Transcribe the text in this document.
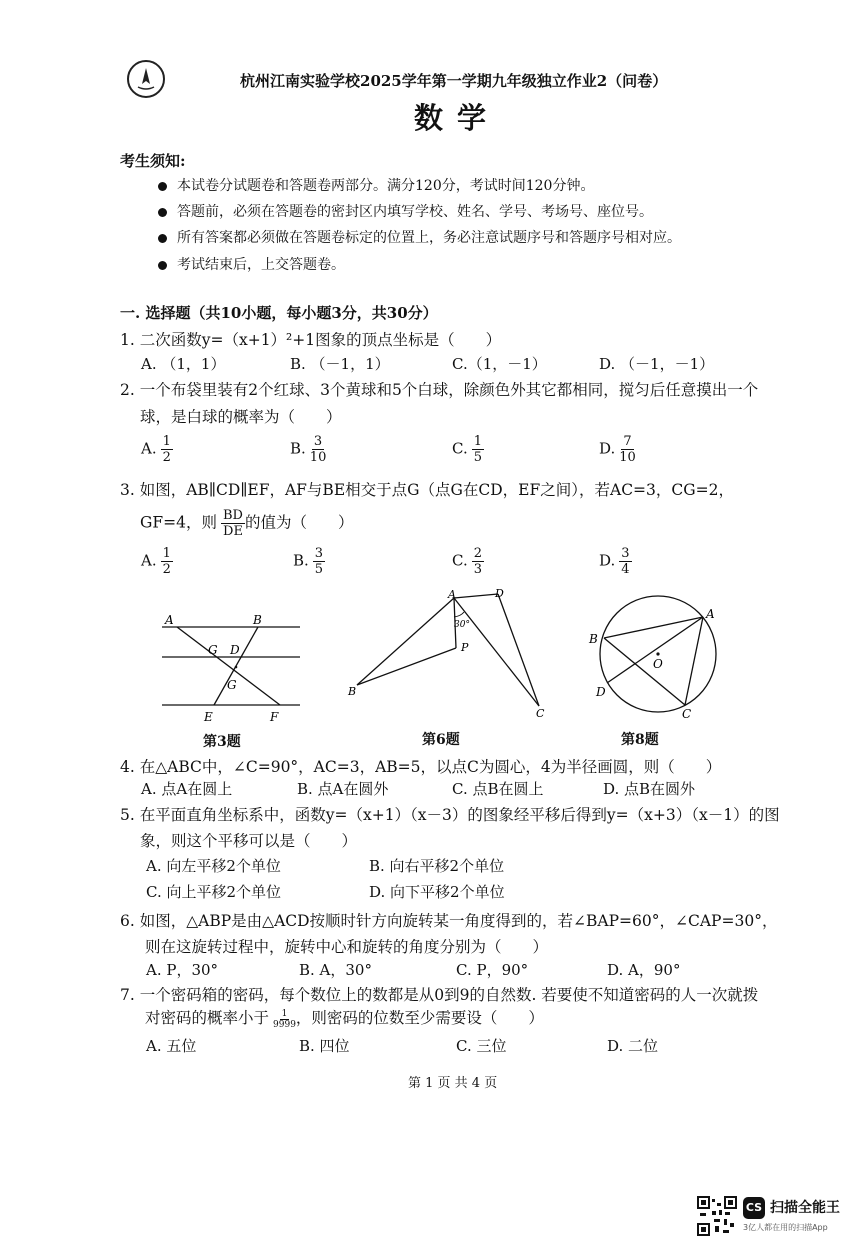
杭州江南实验学校2025学年第一学期九年级独立作业2（问卷）
数学
考生须知:
本试卷分试题卷和答题卷两部分。满分120分，考试时间120分钟。
答题前，必须在答题卷的密封区内填写学校、姓名、学号、考场号、座位号。
所有答案都必须做在答题卷标定的位置上，务必注意试题序号和答题序号相对应。
考试结束后，上交答题卷。
一. 选择题（共10小题，每小题3分，共30分）
1. 二次函数y=（x+1）²+1图象的顶点坐标是（　　）
A. （1，1）	B. （－1，1）	C.（1，－1）	D. （－1，－1）
2. 一个布袋里装有2个红球、3个黄球和5个白球，除颜色外其它都相同，搅匀后任意摸出一个
球，是白球的概率为（　　）
A. $\frac{1}{2}$	B. $\frac{3}{10}$	C. $\frac{1}{5}$	D. $\frac{7}{10}$
3. 如图，AB∥CD∥EF，AF与BE相交于点G（点G在CD，EF之间），若AC=3，CG=2，
GF=4，则 $\frac{BD}{DE}$ 的值为（　　）
A. $\frac{1}{2}$	B. $\frac{3}{5}$	C. $\frac{2}{3}$	D. $\frac{3}{4}$
A	B
G D
G
E	F
第3题
A	D
30°
P
B
C
第6题
A
B
O
D
C
第8题
4. 在△ABC中，∠C=90°，AC=3，AB=5，以点C为圆心，4为半径画圆，则（　　）
A. 点A在圆上	B. 点A在圆外	C. 点B在圆上	D. 点B在圆外
5. 在平面直角坐标系中，函数y=（x+1）（x－3）的图象经平移后得到y=（x+3）（x－1）的图
象，则这个平移可以是（　　）
A. 向左平移2个单位	B. 向右平移2个单位
C. 向上平移2个单位	D. 向下平移2个单位
6. 如图，△ABP是由△ACD按顺时针方向旋转某一角度得到的，若∠BAP=60°，∠CAP=30°，
则在这旋转过程中，旋转中心和旋转的角度分别为（　　）
A. P，30°	B. A，30°	C. P，90°	D. A，90°
7. 一个密码箱的密码，每个数位上的数都是从0到9的自然数. 若要使不知道密码的人一次就拨
对密码的概率小于 $\frac{1}{9999}$ ，则密码的位数至少需要设（　　）
A. 五位	B. 四位	C. 三位	D. 二位
第 1 页 共 4 页
CS 扫描全能王
3亿人都在用的扫描App
